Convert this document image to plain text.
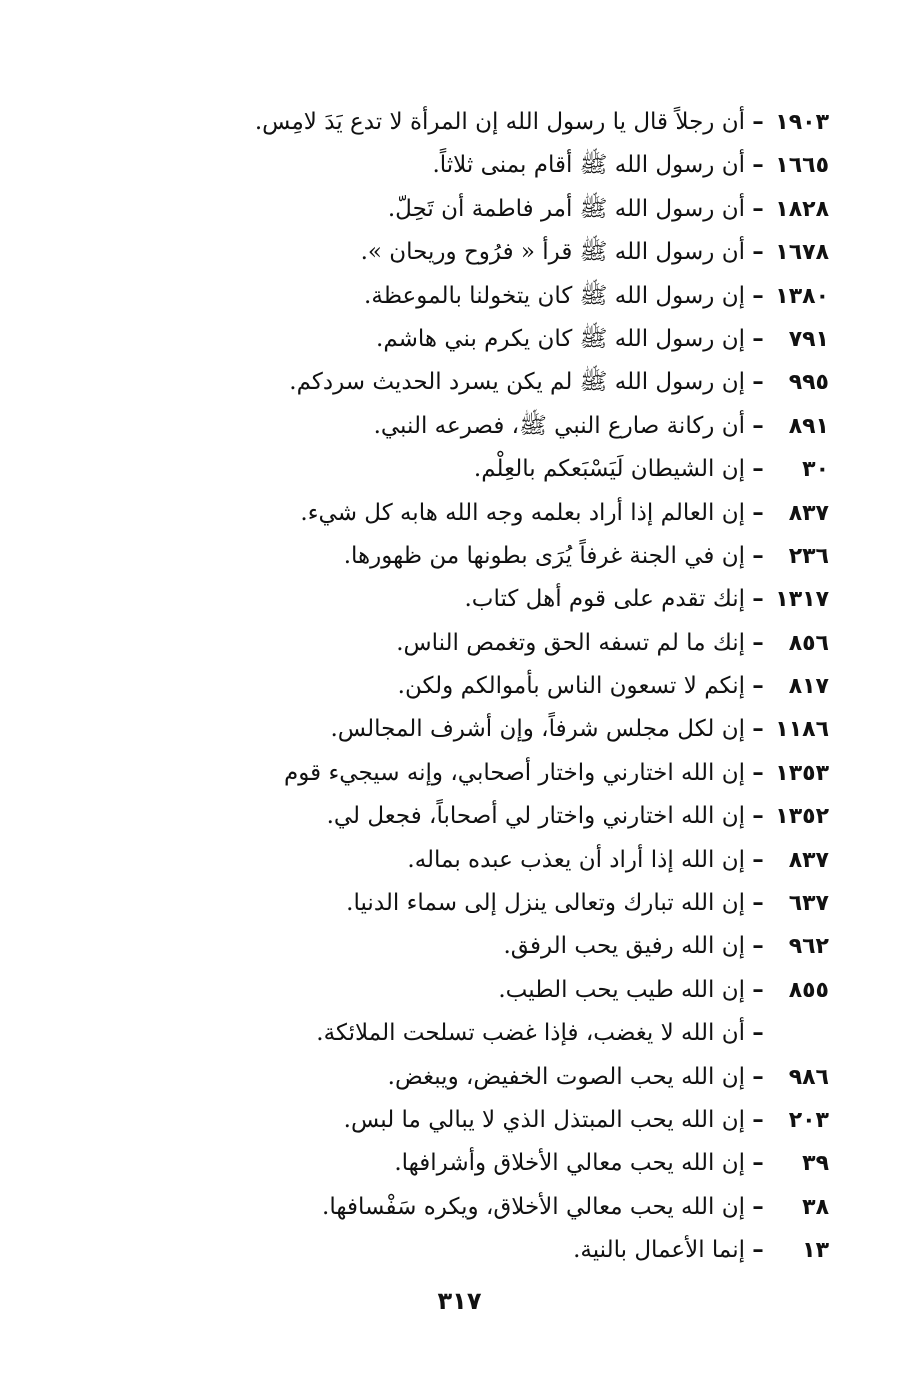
١٩٠٣
–
أن رجلاً قال يا رسول الله إن المرأة لا تدع يَدَ لامِس.
١٦٦٥
–
أن رسول الله ﷺ أقام بمنى ثلاثاً.
١٨٢٨
–
أن رسول الله ﷺ أمر فاطمة أن تَحِلّ.
١٦٧٨
–
أن رسول الله ﷺ قرأ « فرُوح وريحان ».
١٣٨٠
–
إن رسول الله ﷺ كان يتخولنا بالموعظة.
٧٩١
–
إن رسول الله ﷺ كان يكرم بني هاشم.
٩٩٥
–
إن رسول الله ﷺ لم يكن يسرد الحديث سردكم.
٨٩١
–
أن ركانة صارع النبي ﷺ، فصرعه النبي.
٣٠
–
إن الشيطان لَيَسْبَعكم بالعِلْم.
٨٣٧
–
إن العالم إذا أراد بعلمه وجه الله هابه كل شيء.
٢٣٦
–
إن في الجنة غرفاً يُرَى بطونها من ظهورها.
١٣١٧
–
إنك تقدم على قوم أهل كتاب.
٨٥٦
–
إنك ما لم تسفه الحق وتغمص الناس.
٨١٧
–
إنكم لا تسعون الناس بأموالكم ولكن.
١١٨٦
–
إن لكل مجلس شرفاً، وإن أشرف المجالس.
١٣٥٣
–
إن الله اختارني واختار أصحابي، وإنه سيجيء قوم
١٣٥٢
–
إن الله اختارني واختار لي أصحاباً، فجعل لي.
٨٣٧
–
إن الله إذا أراد أن يعذب عبده بماله.
٦٣٧
–
إن الله تبارك وتعالى ينزل إلى سماء الدنيا.
٩٦٢
–
إن الله رفيق يحب الرفق.
٨٥٥
–
إن الله طيب يحب الطيب.
–
أن الله لا يغضب، فإذا غضب تسلحت الملائكة.
٩٨٦
–
إن الله يحب الصوت الخفيض، ويبغض.
٢٠٣
–
إن الله يحب المبتذل الذي لا يبالي ما لبس.
٣٩
–
إن الله يحب معالي الأخلاق وأشرافها.
٣٨
–
إن الله يحب معالي الأخلاق، ويكره سَفْسافها.
١٣
–
إنما الأعمال بالنية.
٣١٧
